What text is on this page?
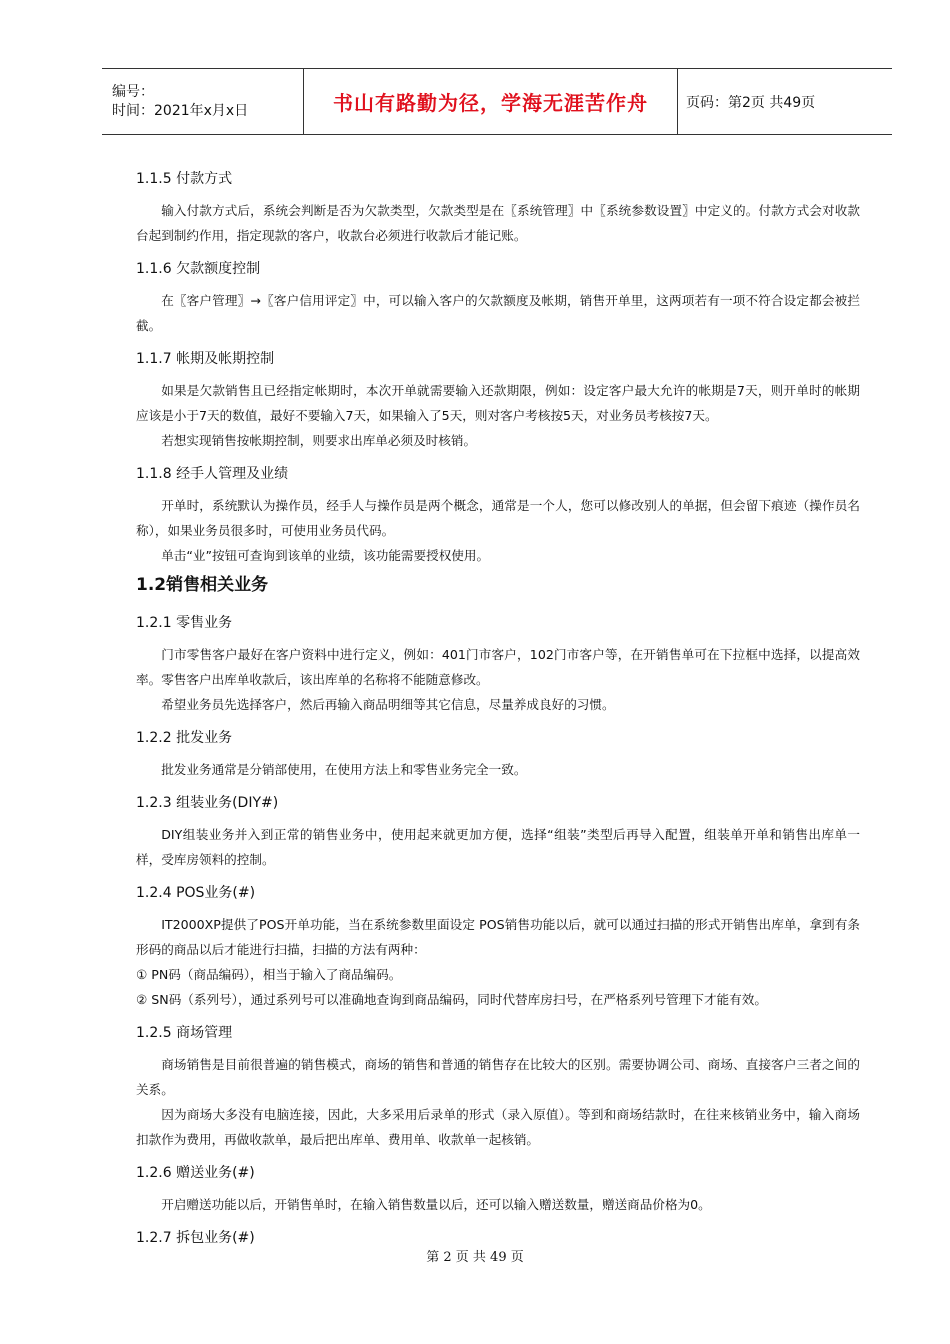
编号：
时间：2021年x月x日	书山有路勤为径，学海无涯苦作舟	页码：第2页 共49页
1.1.5 付款方式

输入付款方式后，系统会判断是否为欠款类型，欠款类型是在〖系统管理〗中〖系统参数设置〗中定义的。付款方式会对收款台起到制约作用，指定现款的客户，收款台必须进行收款后才能记账。

1.1.6 欠款额度控制

在〖客户管理〗→〖客户信用评定〗中，可以输入客户的欠款额度及帐期，销售开单里，这两项若有一项不符合设定都会被拦截。

1.1.7 帐期及帐期控制

如果是欠款销售且已经指定帐期时，本次开单就需要输入还款期限，例如：设定客户最大允许的帐期是7天，则开单时的帐期应该是小于7天的数值，最好不要输入7天，如果输入了5天，则对客户考核按5天，对业务员考核按7天。

若想实现销售按帐期控制，则要求出库单必须及时核销。

1.1.8 经手人管理及业绩

开单时，系统默认为操作员，经手人与操作员是两个概念，通常是一个人，您可以修改别人的单据，但会留下痕迹（操作员名称），如果业务员很多时，可使用业务员代码。

单击“业”按钮可查询到该单的业绩，该功能需要授权使用。

1.2销售相关业务
1.2.1 零售业务

门市零售客户最好在客户资料中进行定义，例如：401门市客户，102门市客户等，在开销售单可在下拉框中选择，以提高效率。零售客户出库单收款后，该出库单的名称将不能随意修改。

希望业务员先选择客户，然后再输入商品明细等其它信息，尽量养成良好的习惯。

1.2.2 批发业务

批发业务通常是分销部使用，在使用方法上和零售业务完全一致。

1.2.3 组装业务(DIY#)

DIY组装业务并入到正常的销售业务中，使用起来就更加方便，选择“组装”类型后再导入配置，组装单开单和销售出库单一样，受库房领料的控制。

1.2.4 POS业务(#)

IT2000XP提供了POS开单功能，当在系统参数里面设定 POS销售功能以后，就可以通过扫描的形式开销售出库单，拿到有条形码的商品以后才能进行扫描，扫描的方法有两种：

① PN码（商品编码），相当于输入了商品编码。

② SN码（系列号），通过系列号可以准确地查询到商品编码，同时代替库房扫号，在严格系列号管理下才能有效。

1.2.5 商场管理

商场销售是目前很普遍的销售模式，商场的销售和普通的销售存在比较大的区别。需要协调公司、商场、直接客户三者之间的关系。

因为商场大多没有电脑连接，因此，大多采用后录单的形式（录入原值）。等到和商场结款时，在往来核销业务中，输入商场扣款作为费用，再做收款单，最后把出库单、费用单、收款单一起核销。

1.2.6 赠送业务(#)

开启赠送功能以后，开销售单时，在输入销售数量以后，还可以输入赠送数量，赠送商品价格为0。

1.2.7 拆包业务(#)
第 2 页 共 49 页
